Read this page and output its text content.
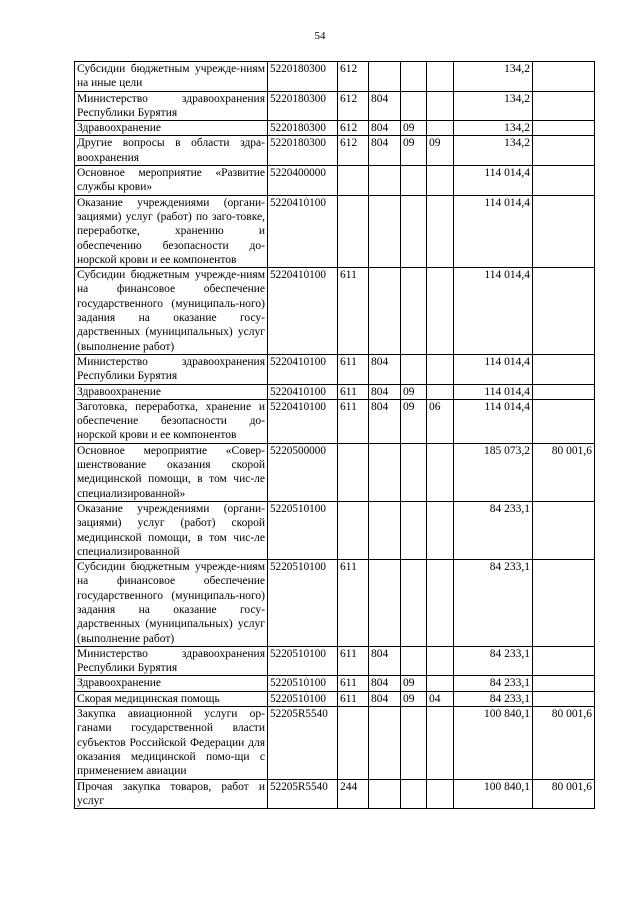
54
Субсидии бюджетным учрежде-ниям на иные цели	5220180300	612				134,2	
Министерство здравоохранения Республики Бурятия	5220180300	612	804			134,2	
Здравоохранение	5220180300	612	804	09		134,2	
Другие вопросы в области здра-воохранения	5220180300	612	804	09	09	134,2	
Основное мероприятие «Развитие службы крови»	5220400000					114 014,4	
Оказание учреждениями (органи-зациями) услуг (работ) по заго-товке, переработке, хранению и обеспечению безопасности до-норской крови и ее компонентов	5220410100					114 014,4	
Субсидии бюджетным учрежде-ниям на финансовое обеспечение государственного (муниципаль-ного) задания на оказание госу-дарственных (муниципальных) услуг (выполнение работ)	5220410100	611				114 014,4	
Министерство здравоохранения Республики Бурятия	5220410100	611	804			114 014,4	
Здравоохранение	5220410100	611	804	09		114 014,4	
Заготовка, переработка, хранение и обеспечение безопасности до-норской крови и ее компонентов	5220410100	611	804	09	06	114 014,4	
Основное мероприятие «Совер-шенствование оказания скорой медицинской помощи, в том чис-ле специализированной»	5220500000					185 073,2	80 001,6
Оказание учреждениями (органи-зациями) услуг (работ) скорой медицинской помощи, в том чис-ле специализированной	5220510100					84 233,1	
Субсидии бюджетным учрежде-ниям на финансовое обеспечение государственного (муниципаль-ного) задания на оказание госу-дарственных (муниципальных) услуг (выполнение работ)	5220510100	611				84 233,1	
Министерство здравоохранения Республики Бурятия	5220510100	611	804			84 233,1	
Здравоохранение	5220510100	611	804	09		84 233,1	
Скорая медицинская помощь	5220510100	611	804	09	04	84 233,1	
Закупка авиационной услуги ор-ганами государственной власти субъектов Российской Федерации для оказания медицинской помо-щи с применением авиации	52205R5540					100 840,1	80 001,6
Прочая закупка товаров, работ и услуг	52205R5540	244				100 840,1	80 001,6
